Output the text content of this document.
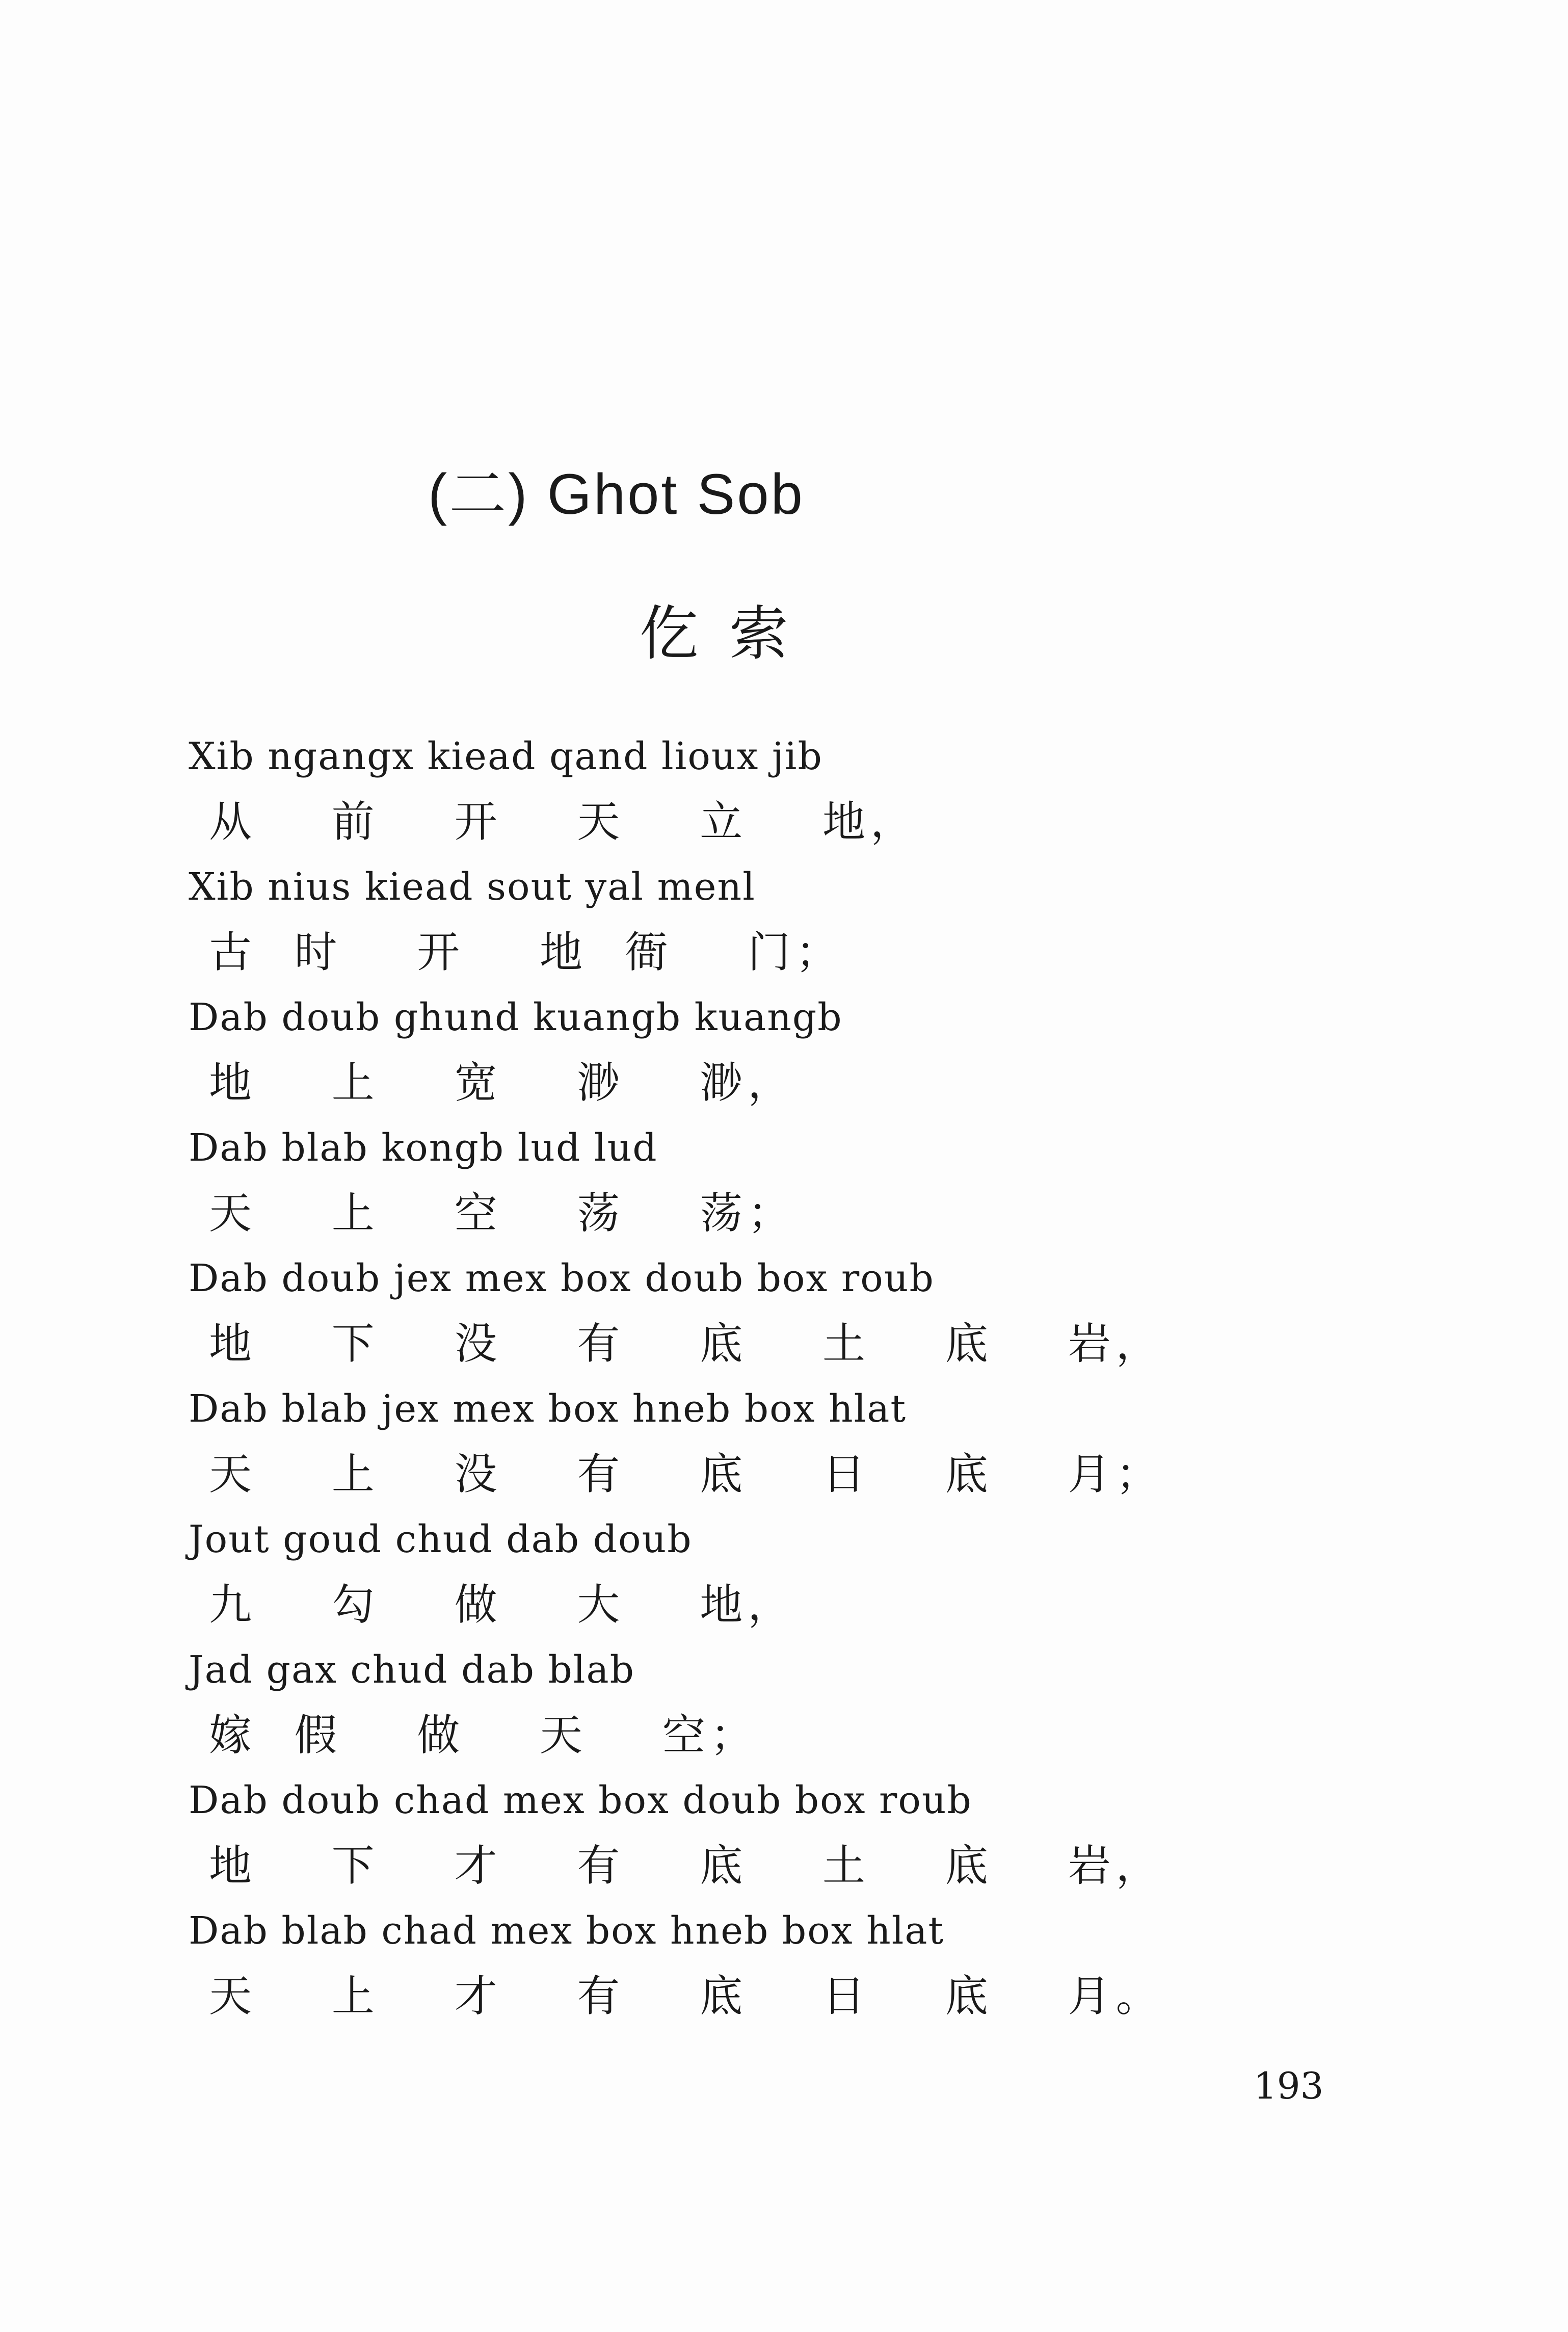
(二) Ghot Sob
仡索
Xib ngangx kiead qand lioux jib
从    前    开    天    立    地，
Xib nius kiead sout yal menl
古  时    开    地  衙    门；
Dab doub ghund kuangb kuangb
地    上    宽    渺    渺，
Dab blab kongb lud lud
天    上    空    荡    荡；
Dab doub jex mex box doub box roub
地    下    没    有    底    土    底    岩，
Dab blab jex mex box hneb box hlat
天    上    没    有    底    日    底    月；
Jout goud chud dab doub
九    勾    做    大    地，
Jad gax chud dab blab
嫁  假    做    天    空；
Dab doub chad mex box doub box roub
地    下    才    有    底    土    底    岩，
Dab blab chad mex box hneb box hlat
天    上    才    有    底    日    底    月。
193
